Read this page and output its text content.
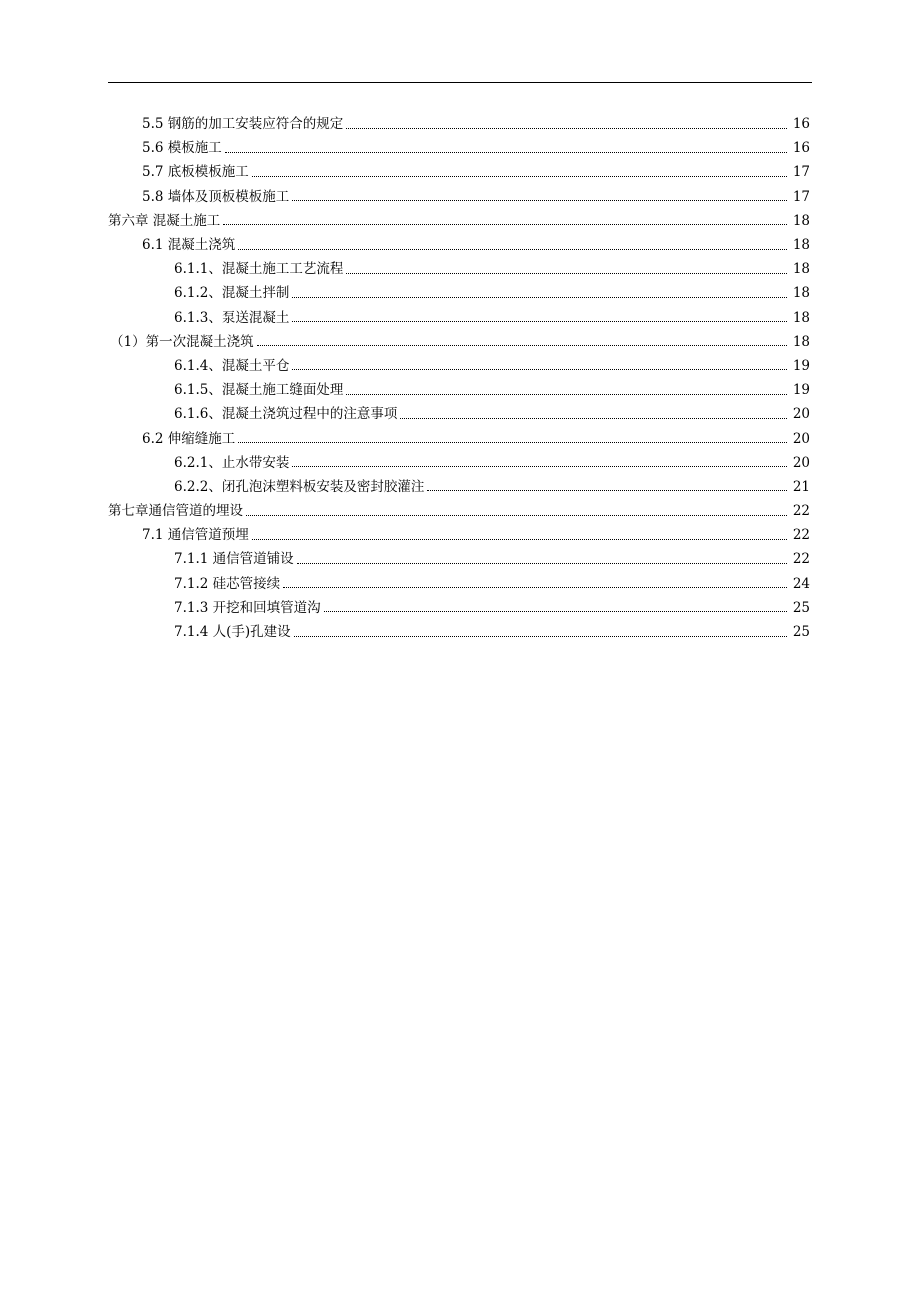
5.5 钢筋的加工安装应符合的规定	16
5.6 模板施工	16
5.7 底板模板施工	17
5.8 墙体及顶板模板施工	17
第六章 混凝土施工	18
6.1 混凝土浇筑	18
6.1.1、混凝土施工工艺流程	18
6.1.2、混凝土拌制	18
6.1.3、泵送混凝土	18
（1）第一次混凝土浇筑	18
6.1.4、混凝土平仓	19
6.1.5、混凝土施工缝面处理	19
6.1.6、混凝土浇筑过程中的注意事项	20
6.2 伸缩缝施工	20
6.2.1、止水带安装	20
6.2.2、闭孔泡沫塑料板安装及密封胶灌注	21
第七章通信管道的埋设	22
7.1 通信管道预埋	22
7.1.1 通信管道铺设	22
7.1.2 硅芯管接续	24
7.1.3 开挖和回填管道沟	25
7.1.4 人(手)孔建设	25
